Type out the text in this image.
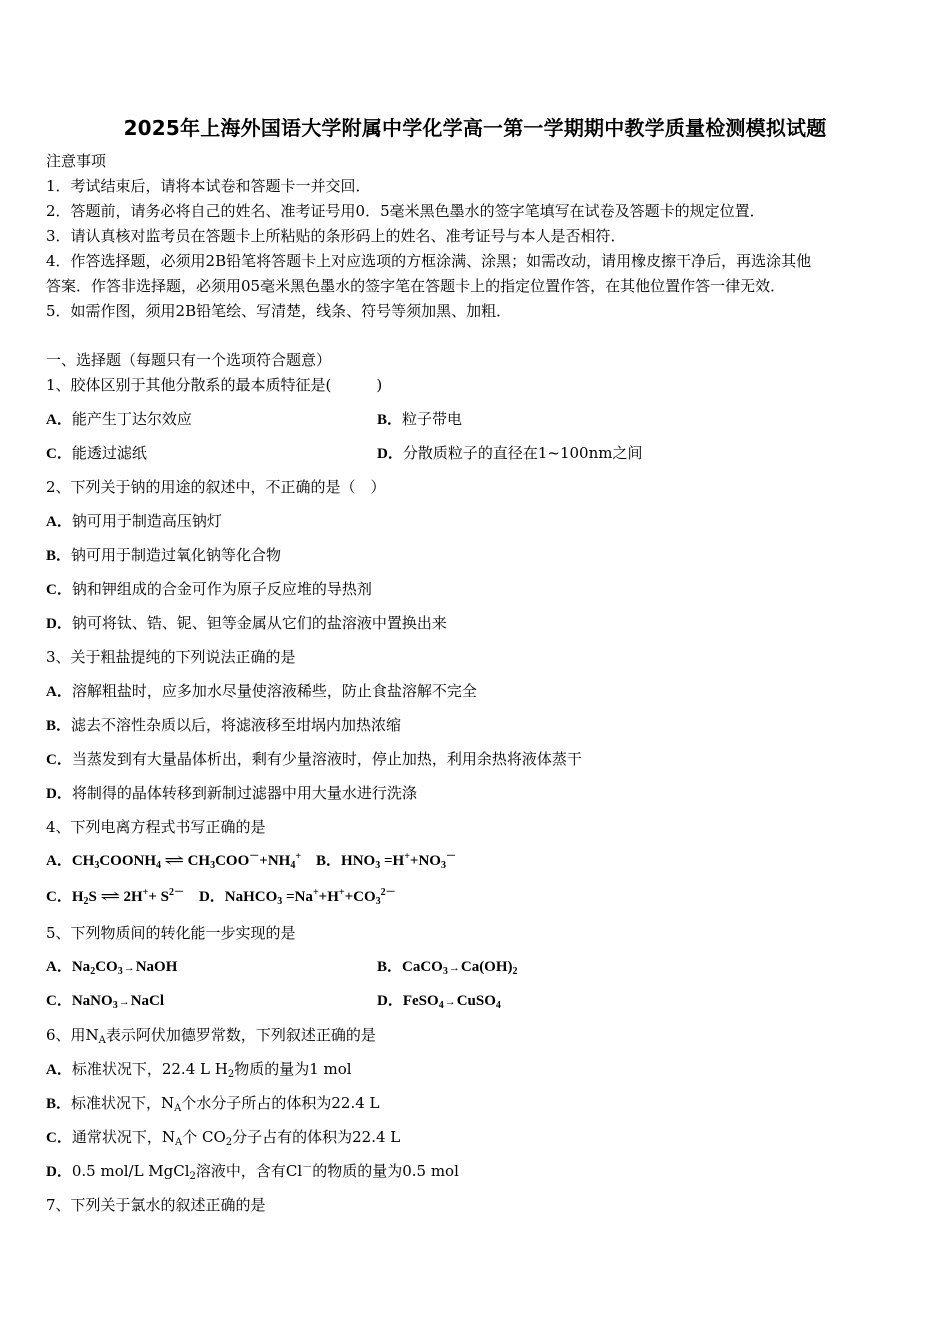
2025年上海外国语大学附属中学化学高一第一学期期中教学质量检测模拟试题
注意事项
1．考试结束后，请将本试卷和答题卡一并交回．
2．答题前，请务必将自己的姓名、准考证号用0．5毫米黑色墨水的签字笔填写在试卷及答题卡的规定位置．
3．请认真核对监考员在答题卡上所粘贴的条形码上的姓名、准考证号与本人是否相符．
4．作答选择题，必须用2B铅笔将答题卡上对应选项的方框涂满、涂黑；如需改动，请用橡皮擦干净后，再选涂其他
答案．作答非选择题，必须用05毫米黑色墨水的签字笔在答题卡上的指定位置作答，在其他位置作答一律无效．
5．如需作图，须用2B铅笔绘、写清楚，线条、符号等须加黑、加粗．
一、选择题（每题只有一个选项符合题意）
1、胶体区别于其他分散系的最本质特征是(　　　)
A．能产生丁达尔效应	B．粒子带电
C．能透过滤纸	D．分散质粒子的直径在1~100nm之间
2、下列关于钠的用途的叙述中，不正确的是（　）
A．钠可用于制造高压钠灯
B．钠可用于制造过氧化钠等化合物
C．钠和钾组成的合金可作为原子反应堆的导热剂
D．钠可将钛、锆、铌、钽等金属从它们的盐溶液中置换出来
3、关于粗盐提纯的下列说法正确的是
A．溶解粗盐时，应多加水尽量使溶液稀些，防止食盐溶解不完全
B．滤去不溶性杂质以后，将滤液移至坩埚内加热浓缩
C．当蒸发到有大量晶体析出，剩有少量溶液时，停止加热，利用余热将液体蒸干
D．将制得的晶体转移到新制过滤器中用大量水进行洗涤
4、下列电离方程式书写正确的是
A．$CH_3COONH_4$ ⇌ $CH_3COO^-+NH_4^+$ B．$HNO_3 =H^++NO_3^-$
C．$H_2S$ ⇌ $2H^++ S^{2-}$ D．NaHCO$_3$ $=Na^++H^++CO_3^{2-}$
5、下列物质间的转化能一步实现的是
A．$Na_2CO_3\to NaOH$	B．$CaCO_3\to Ca(OH)_2$
C．NaNO$_3$→NaCl	D．FeSO$_4$→CuSO$_4$
6、用$N_A$表示阿伏加德罗常数，下列叙述正确的是
A．标准状况下，22.4 L $H_2$物质的量为1 mol
B．标准状况下，$N_A$个水分子所占的体积为22.4 L
C．通常状况下，$N_A$个 $CO_2$分子占有的体积为22.4 L
D．0.5 mol/L MgCl$_2$溶液中，含有Cl－的物质的量为0.5 mol
7、下列关于氯水的叙述正确的是
